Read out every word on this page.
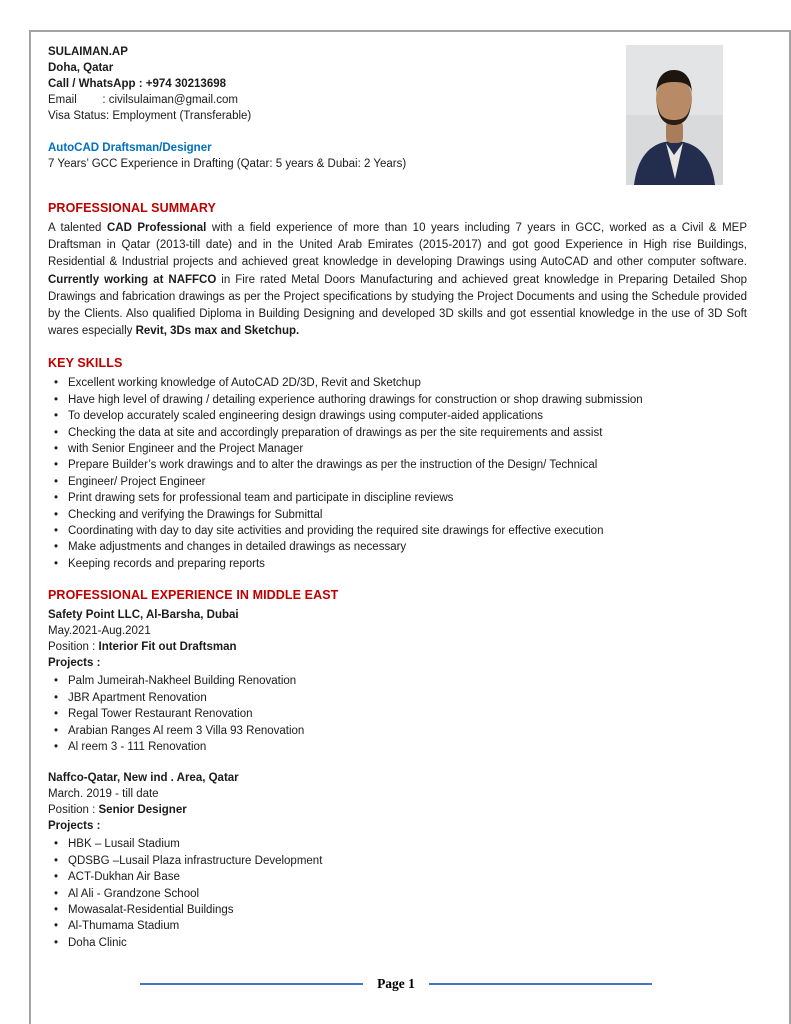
SULAIMAN.AP
Doha, Qatar
Call / WhatsApp : +974 30213698
Email        : civilsulaiman@gmail.com
Visa Status: Employment (Transferable)
AutoCAD Draftsman/Designer
7 Years’ GCC Experience in Drafting (Qatar: 5 years & Dubai: 2 Years)
PROFESSIONAL SUMMARY

A talented CAD Professional with a field experience of more than 10 years including 7 years in GCC, worked as a Civil & MEP Draftsman in Qatar (2013-till date) and in the United Arab Emirates (2015-2017) and got good Experience in High rise Buildings, Residential & Industrial projects and achieved great knowledge in developing Drawings using AutoCAD and other computer software. Currently working at NAFFCO in Fire rated Metal Doors Manufacturing and achieved great knowledge in Preparing Detailed Shop Drawings and fabrication drawings as per the Project specifications by studying the Project Documents and using the Schedule provided by the Clients. Also qualified Diploma in Building Designing and developed 3D skills and got essential knowledge in the use of 3D Soft wares especially Revit, 3Ds max and Sketchup.

KEY SKILLS
• Excellent working knowledge of AutoCAD 2D/3D, Revit and Sketchup
• Have high level of drawing / detailing experience authoring drawings for construction or shop drawing submission
• To develop accurately scaled engineering design drawings using computer-aided applications
• Checking the data at site and accordingly preparation of drawings as per the site requirements and assist
• with Senior Engineer and the Project Manager
• Prepare Builder’s work drawings and to alter the drawings as per the instruction of the Design/ Technical
• Engineer/ Project Engineer
• Print drawing sets for professional team and participate in discipline reviews
• Checking and verifying the Drawings for Submittal
• Coordinating with day to day site activities and providing the required site drawings for effective execution
• Make adjustments and changes in detailed drawings as necessary
• Keeping records and preparing reports
PROFESSIONAL EXPERIENCE IN MIDDLE EAST
Safety Point LLC, Al-Barsha, Dubai
May.2021-Aug.2021
Position : Interior Fit out Draftsman
Projects :
• Palm Jumeirah-Nakheel Building Renovation
• JBR Apartment Renovation
• Regal Tower Restaurant Renovation
• Arabian Ranges Al reem 3 Villa 93 Renovation
• Al reem 3 - 111 Renovation
Naffco-Qatar, New ind . Area, Qatar
March. 2019 - till date
Position : Senior Designer
Projects :
• HBK – Lusail Stadium
• QDSBG –Lusail Plaza infrastructure Development
• ACT-Dukhan Air Base
• Al Ali - Grandzone School
• Mowasalat-Residential Buildings
• Al-Thumama Stadium
• Doha Clinic
Page 1
